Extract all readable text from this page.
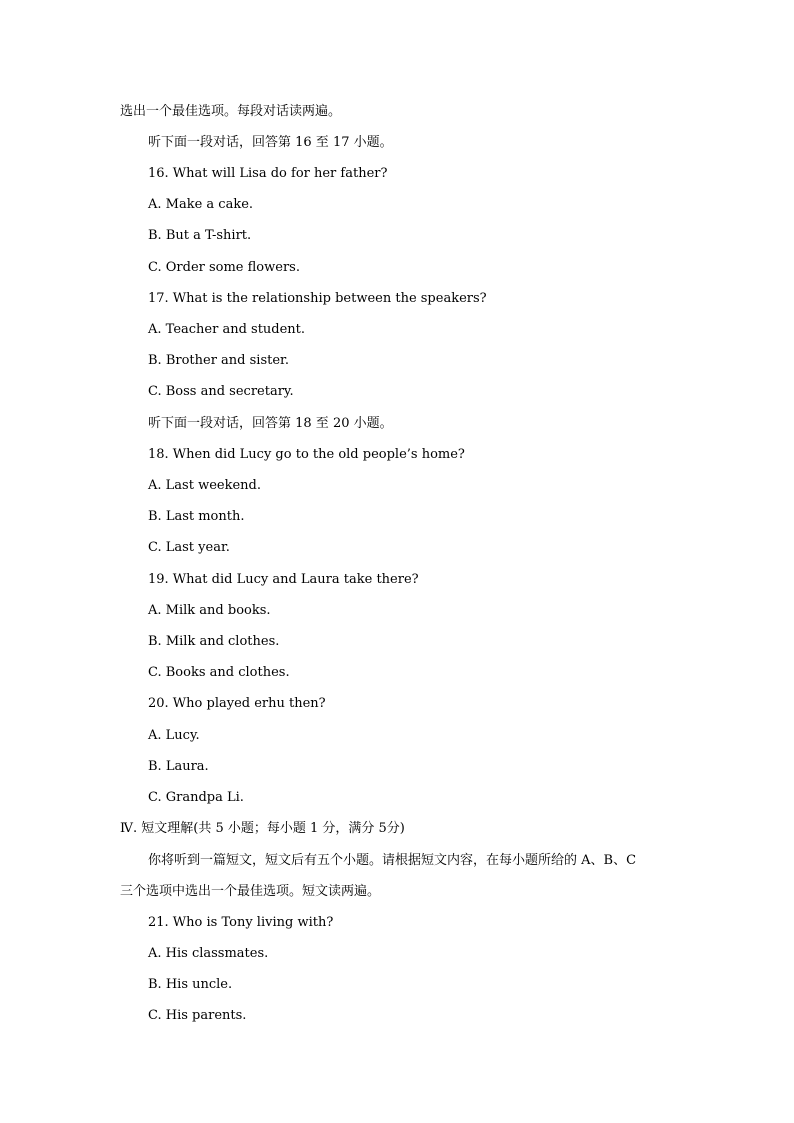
选出一个最佳选项。每段对话读两遍。
听下面一段对话，回答第 16 至 17 小题。
16. What will Lisa do for her father?
A. Make a cake.
B. But a T-shirt.
C. Order some flowers.
17. What is the relationship between the speakers?
A. Teacher and student.
B. Brother and sister.
C. Boss and secretary.
听下面一段对话，回答第 18 至 20 小题。
18. When did Lucy go to the old people’s home?
A. Last weekend.
B. Last month.
C. Last year.
19. What did Lucy and Laura take there?
A. Milk and books.
B. Milk and clothes.
C. Books and clothes.
20. Who played erhu then?
A. Lucy.
B. Laura.
C. Grandpa Li.
Ⅳ. 短文理解(共 5 小题；每小题 1 分，满分 5分)
你将听到一篇短文，短文后有五个小题。请根据短文内容，在每小题所给的 A、B、C
三个选项中选出一个最佳选项。短文读两遍。
21. Who is Tony living with?
A. His classmates.
B. His uncle.
C. His parents.
